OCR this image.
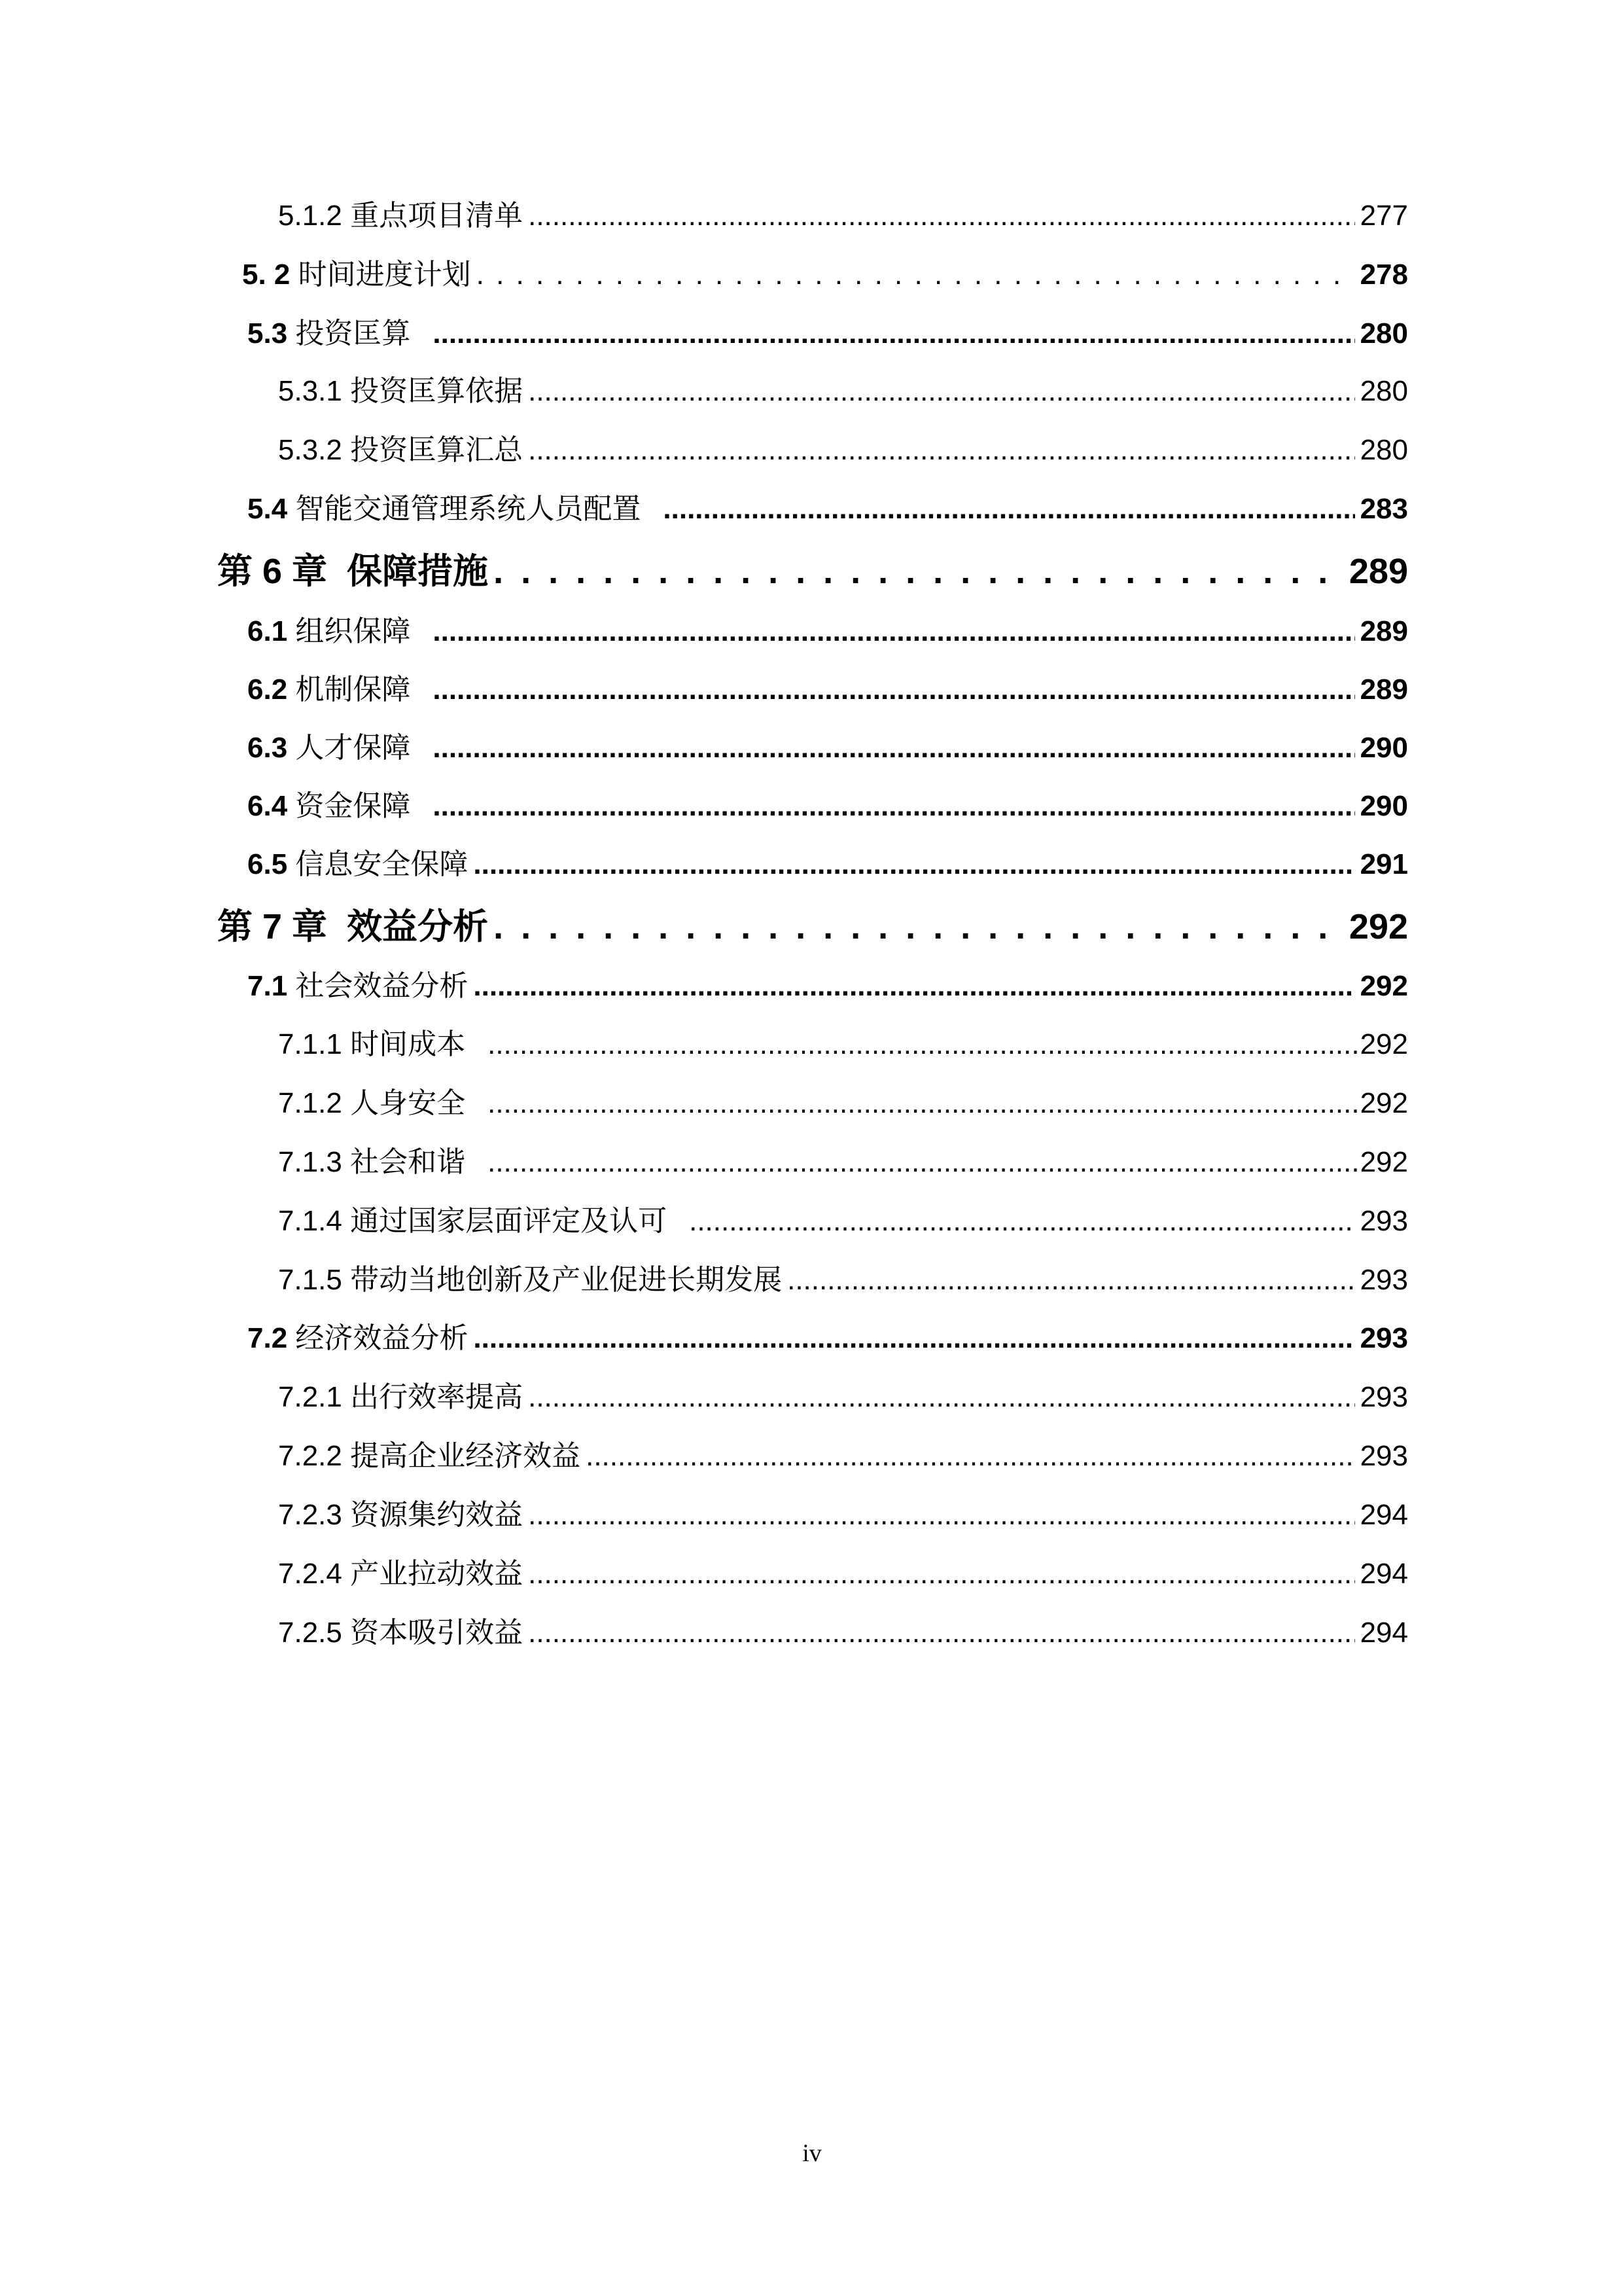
5.1.2 重点项目清单 .....	277
5. 2 时间进度计划 . . .	278
5.3 投资匡算 .....	280
5.3.1 投资匡算依据 .....	280
5.3.2 投资匡算汇总 .....	280
5.4 智能交通管理系统人员配置 .....	283
第 6 章 保障措施 . . .	289
6.1 组织保障 .....	289
6.2 机制保障 .....	289
6.3 人才保障 .....	290
6.4 资金保障 .....	290
6.5 信息安全保障 .....	291
第 7 章 效益分析 . . .	292
7.1 社会效益分析 .....	292
7.1.1 时间成本 .....	292
7.1.2 人身安全 .....	292
7.1.3 社会和谐 .....	292
7.1.4 通过国家层面评定及认可 .....	293
7.1.5 带动当地创新及产业促进长期发展 .....	293
7.2 经济效益分析 .....	293
7.2.1 出行效率提高 .....	293
7.2.2 提高企业经济效益 .....	293
7.2.3 资源集约效益 .....	294
7.2.4 产业拉动效益 .....	294
7.2.5 资本吸引效益 .....	294
iv
